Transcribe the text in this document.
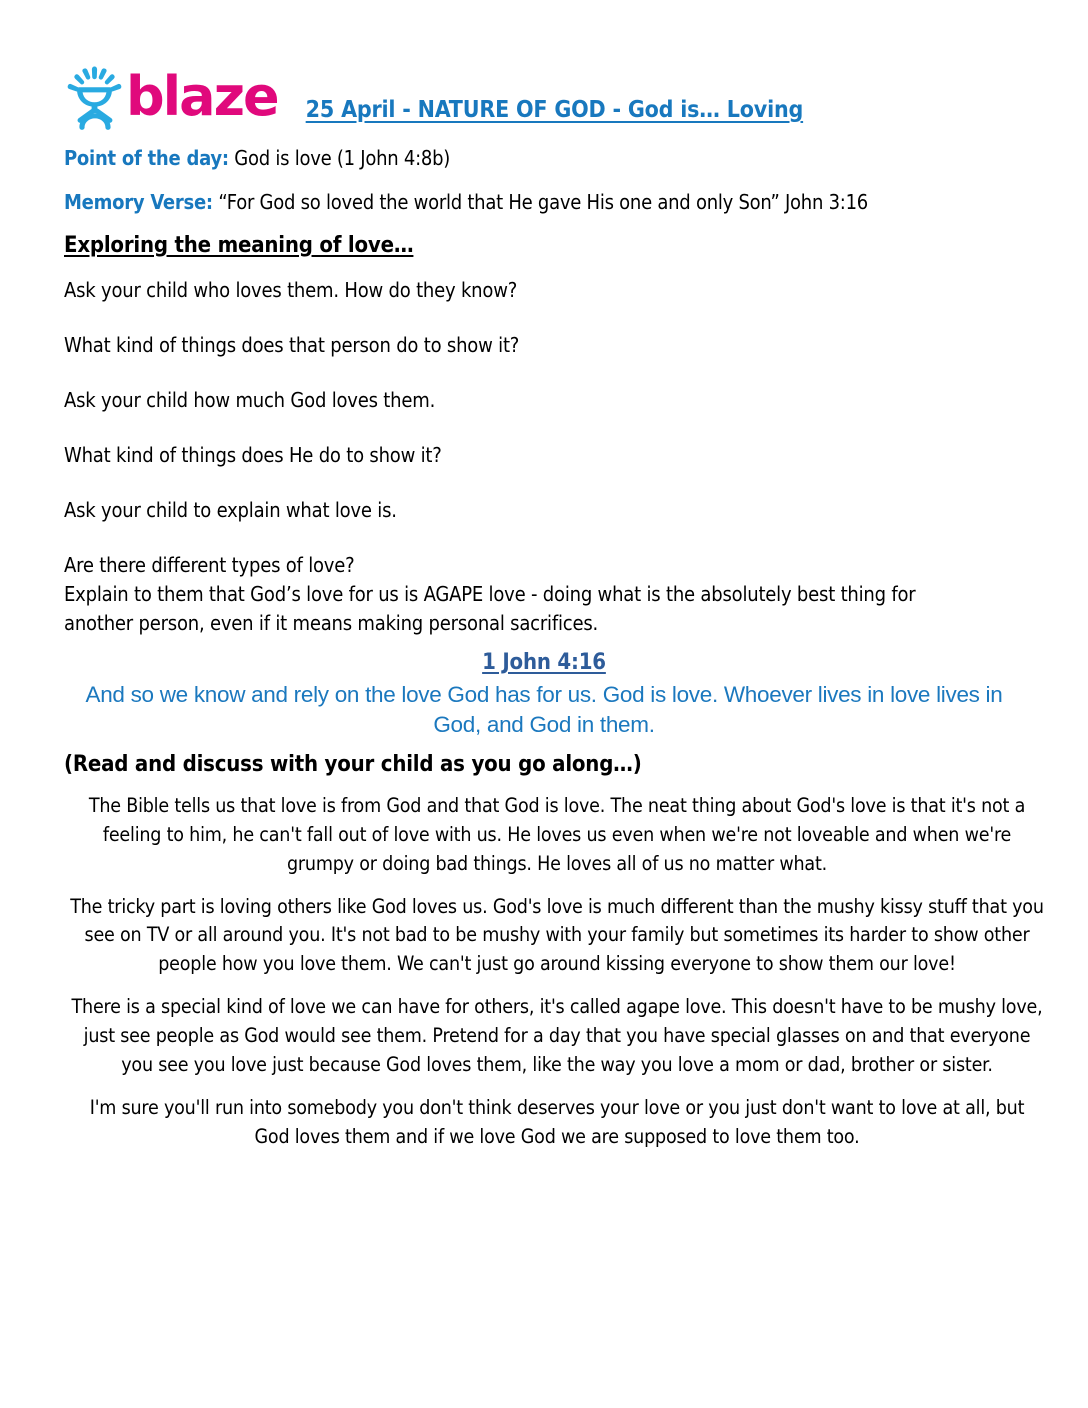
blaze 25 April - NATURE OF GOD - God is… Loving
Point of the day: God is love (1 John 4:8b)
Memory Verse: “For God so loved the world that He gave His one and only Son” John 3:16
Exploring the meaning of love…

Ask your child who loves them. How do they know?

What kind of things does that person do to show it?

Ask your child how much God loves them.

What kind of things does He do to show it?

Ask your child to explain what love is.

Are there different types of love?

Explain to them that God’s love for us is AGAPE love - doing what is the absolutely best thing for another person, even if it means making personal sacrifices.
1 John 4:16
And so we know and rely on the love God has for us. God is love. Whoever lives in love lives in God, and God in them.
(Read and discuss with your child as you go along…)

The Bible tells us that love is from God and that God is love. The neat thing about God's love is that it's not a feeling to him, he can't fall out of love with us. He loves us even when we're not loveable and when we're grumpy or doing bad things. He loves all of us no matter what.

The tricky part is loving others like God loves us. God's love is much different than the mushy kissy stuff that you see on TV or all around you. It's not bad to be mushy with your family but sometimes its harder to show other people how you love them. We can't just go around kissing everyone to show them our love!

There is a special kind of love we can have for others, it's called agape love. This doesn't have to be mushy love, just see people as God would see them. Pretend for a day that you have special glasses on and that everyone you see you love just because God loves them, like the way you love a mom or dad, brother or sister.

I'm sure you'll run into somebody you don't think deserves your love or you just don't want to love at all, but God loves them and if we love God we are supposed to love them too.
